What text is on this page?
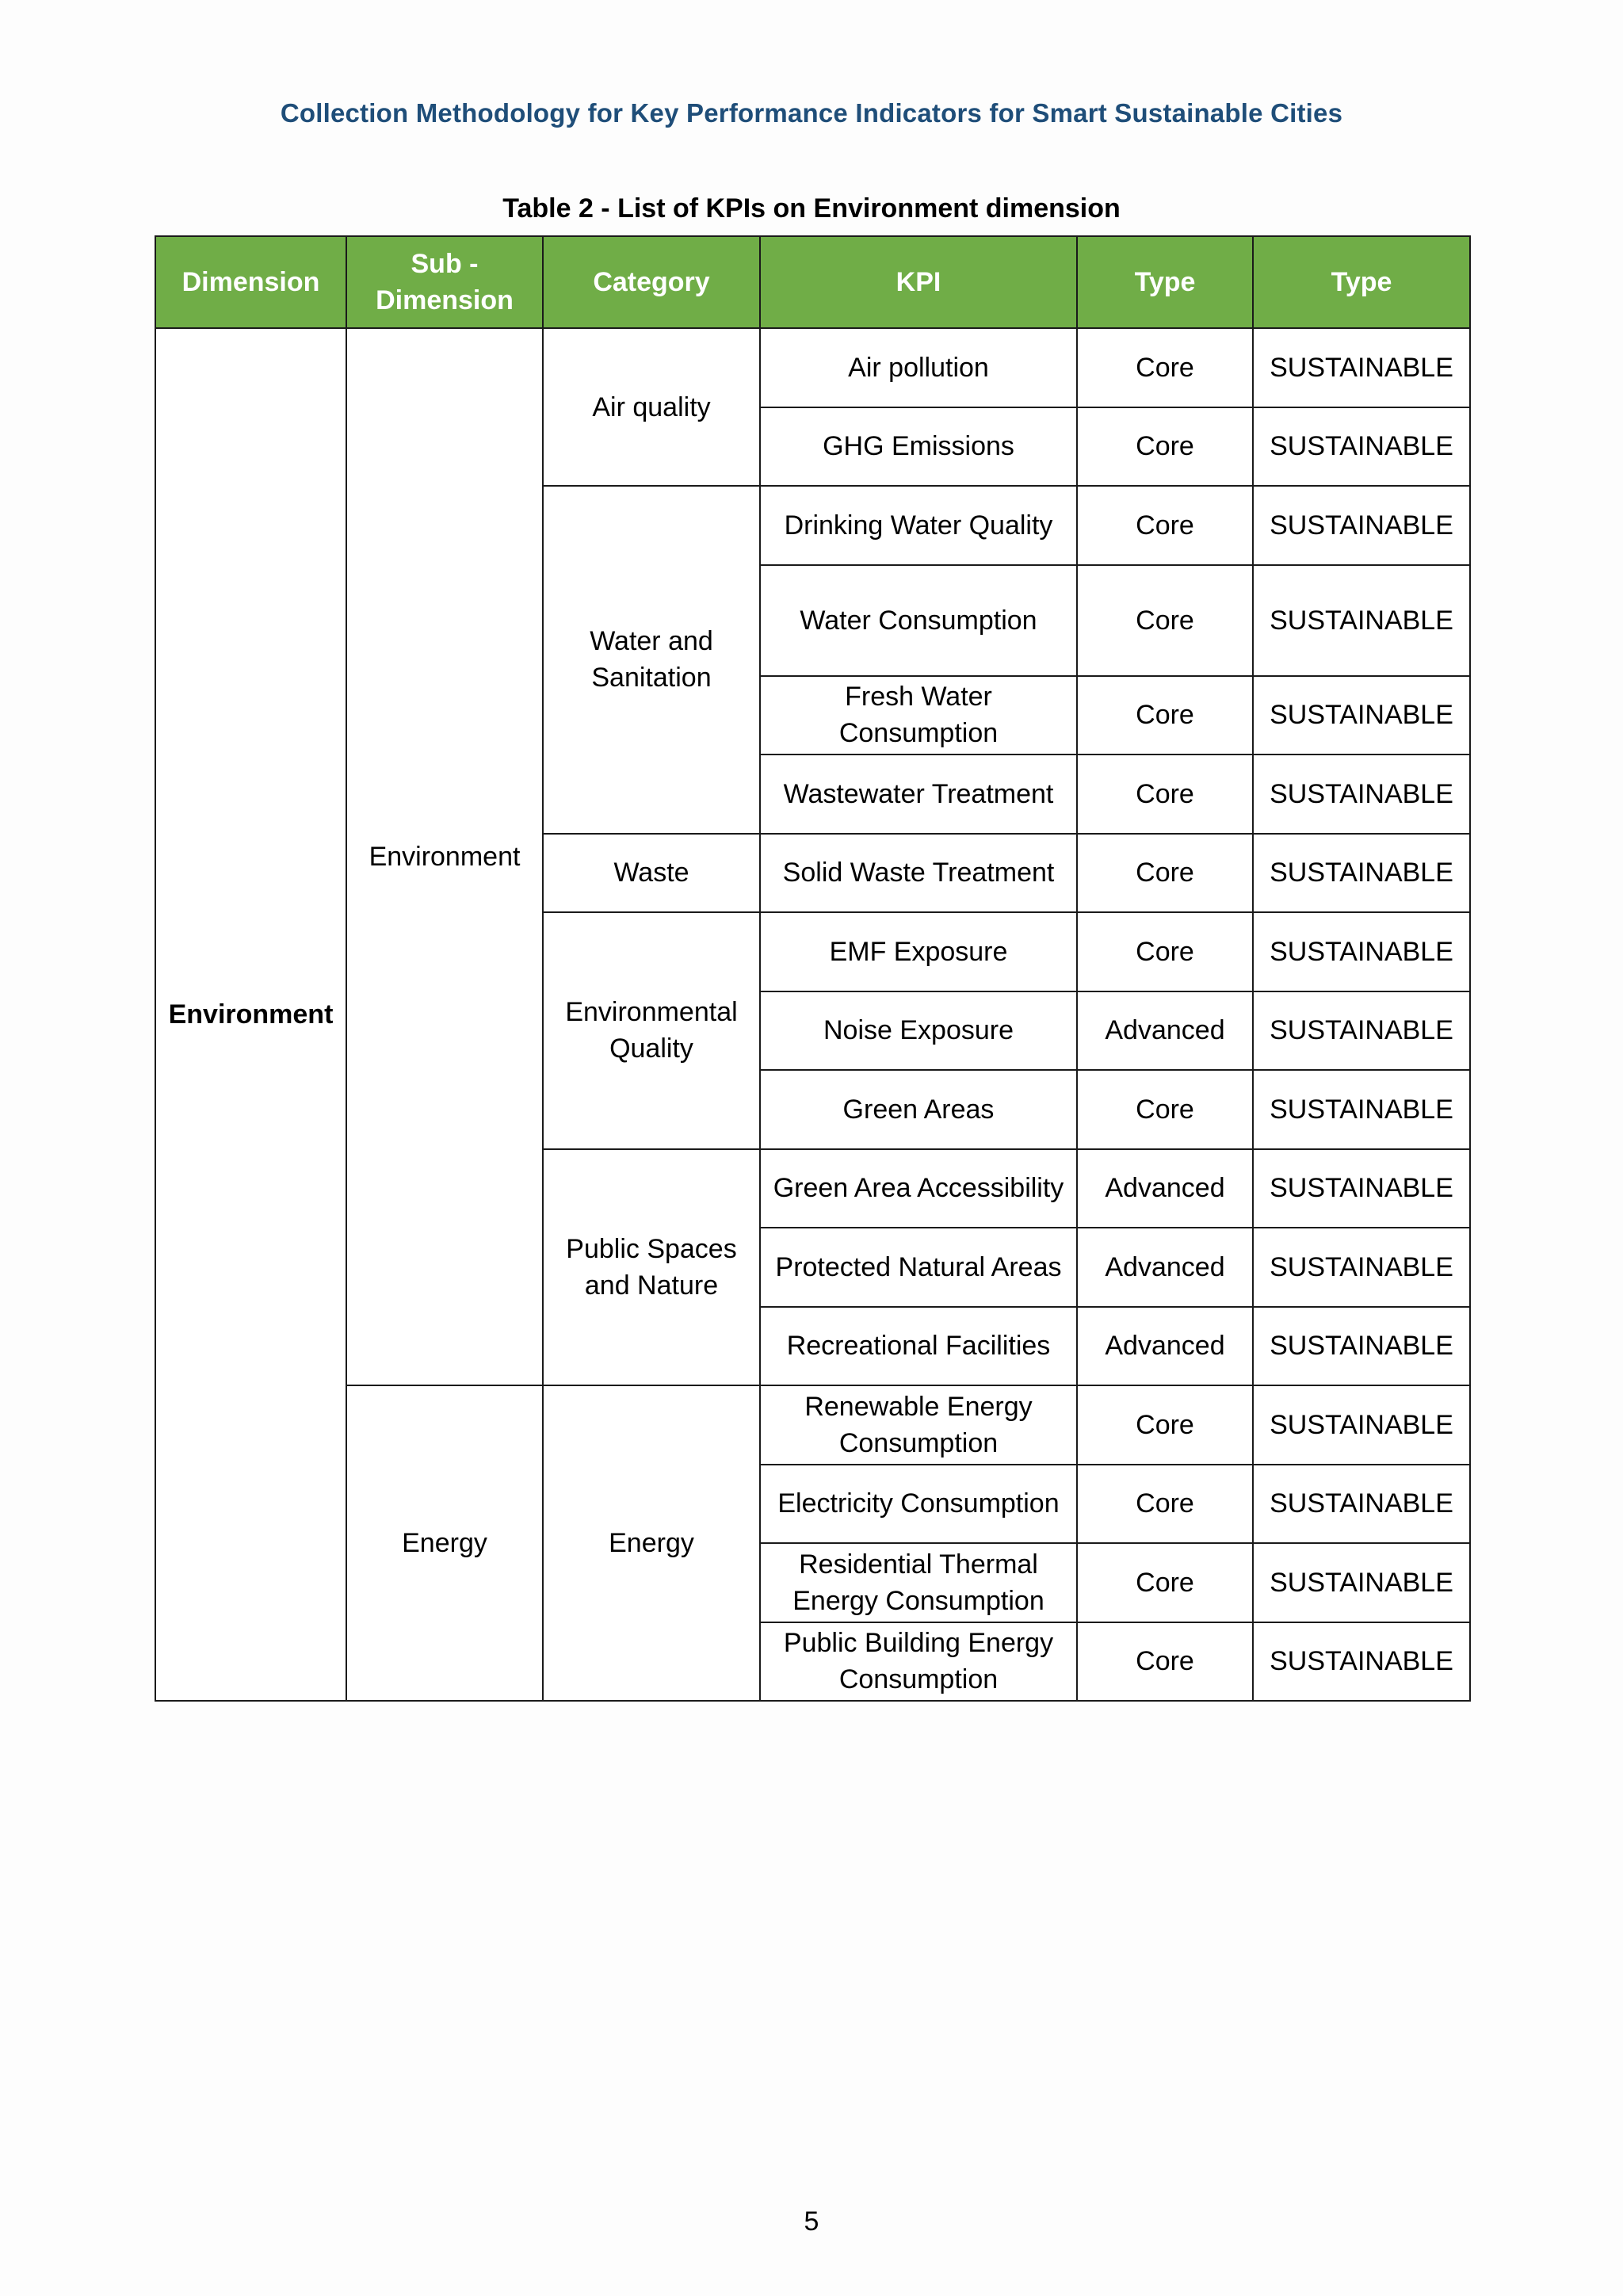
Collection Methodology for Key Performance Indicators for Smart Sustainable Cities
Table 2 - List of KPIs on Environment dimension
Dimension	Sub - Dimension	Category	KPI	Type	Type
Environment	Environment	Air quality	Air pollution	Core	SUSTAINABLE
			GHG Emissions	Core	SUSTAINABLE
		Water and Sanitation	Drinking Water Quality	Core	SUSTAINABLE
			Water Consumption	Core	SUSTAINABLE
			Fresh Water Consumption	Core	SUSTAINABLE
			Wastewater Treatment	Core	SUSTAINABLE
		Waste	Solid Waste Treatment	Core	SUSTAINABLE
		Environmental Quality	EMF Exposure	Core	SUSTAINABLE
			Noise Exposure	Advanced	SUSTAINABLE
			Green Areas	Core	SUSTAINABLE
		Public Spaces and Nature	Green Area Accessibility	Advanced	SUSTAINABLE
			Protected Natural Areas	Advanced	SUSTAINABLE
			Recreational Facilities	Advanced	SUSTAINABLE
	Energy	Energy	Renewable Energy Consumption	Core	SUSTAINABLE
			Electricity Consumption	Core	SUSTAINABLE
			Residential Thermal Energy Consumption	Core	SUSTAINABLE
			Public Building Energy Consumption	Core	SUSTAINABLE
5
